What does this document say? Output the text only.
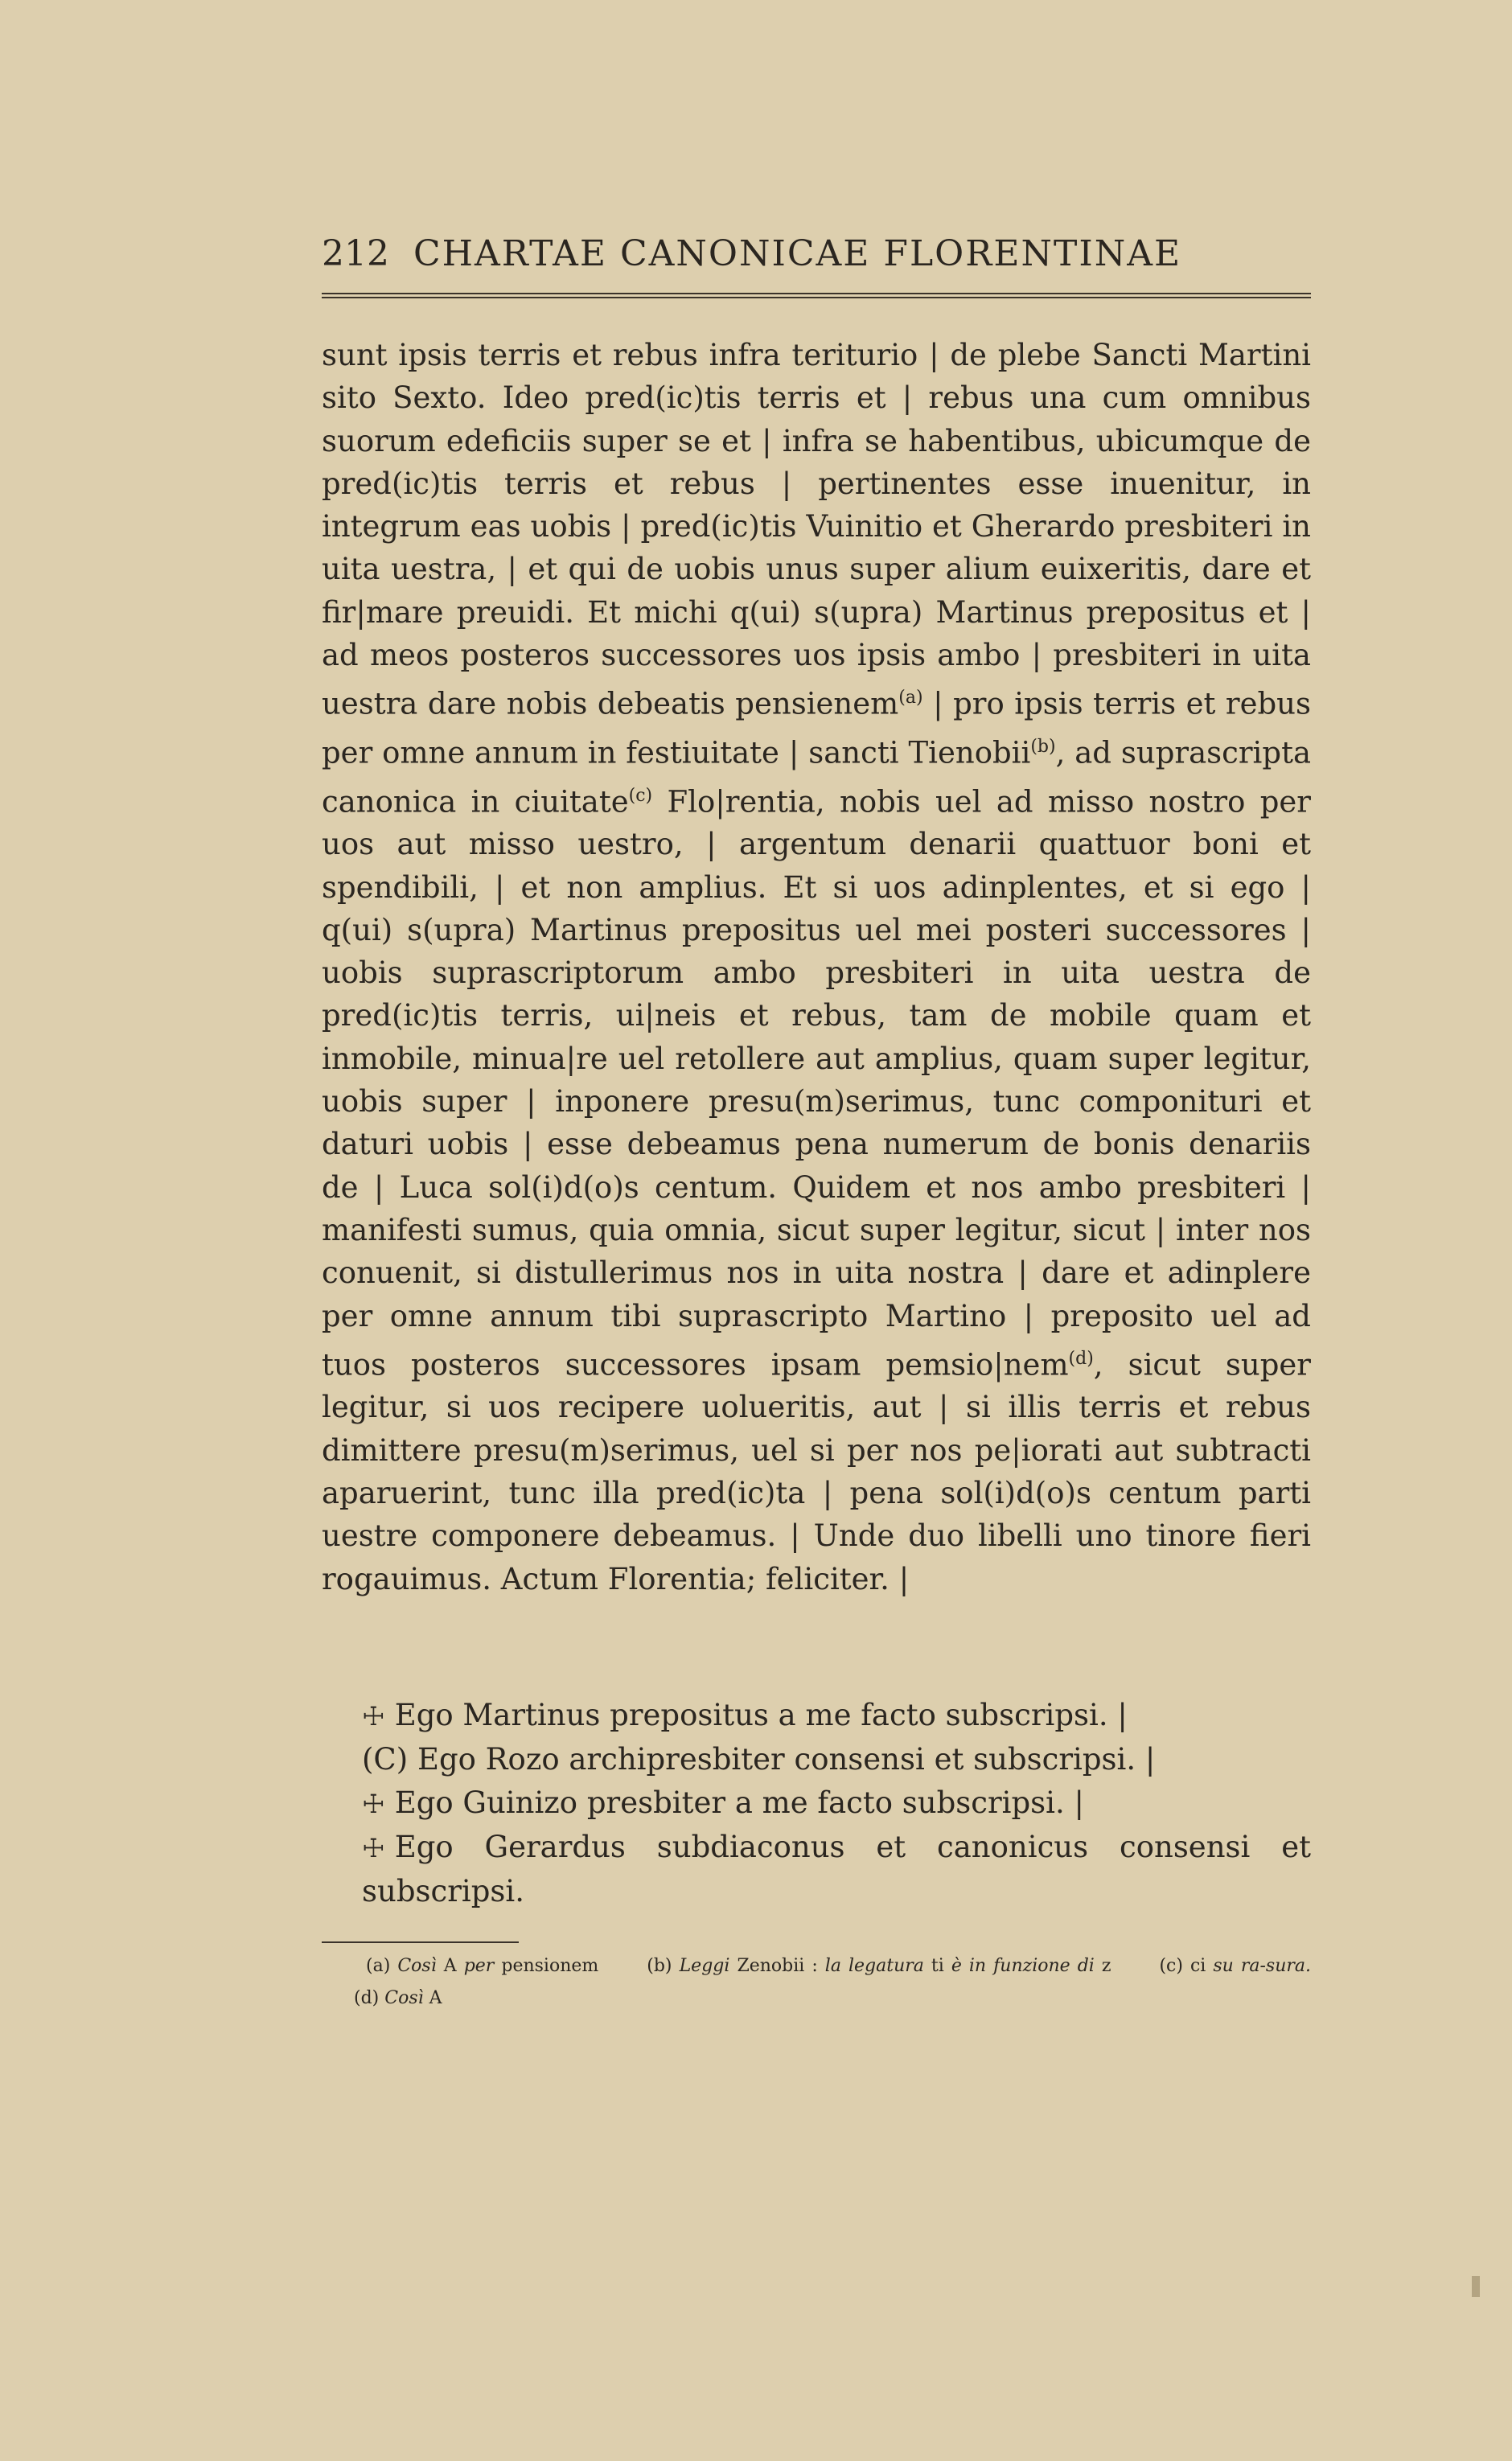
212 CHARTAE CANONICAE FLORENTINAE

sunt ipsis terris et rebus infra teriturio | de plebe Sancti Martini sito Sexto. Ideo pred(ic)tis terris et | rebus una cum omnibus suorum edeficiis super se et | infra se habentibus, ubicumque de pred(ic)tis terris et rebus | pertinentes esse inuenitur, in integrum eas uobis | pred(ic)tis Vuinitio et Gherardo presbiteri in uita uestra, | et qui de uobis unus super alium euixeritis, dare et fir|mare preuidi. Et michi q(ui) s(upra) Martinus prepositus et | ad meos posteros successores uos ipsis ambo | presbiteri in uita uestra dare nobis debeatis pensienem$^{(a)}$ | pro ipsis terris et rebus per omne annum in festiuitate | sancti Tienobii$^{(b)}$, ad suprascripta canonica in ciuitate$^{(c)}$ Flo|rentia, nobis uel ad misso nostro per uos aut misso uestro, | argentum denarii quattuor boni et spendibili, | et non amplius. Et si uos adinplentes, et si ego | q(ui) s(upra) Martinus prepositus uel mei posteri successores | uobis suprascriptorum ambo presbiteri in uita uestra de pred(ic)tis terris, ui|neis et rebus, tam de mobile quam et inmobile, minua|re uel retollere aut amplius, quam super legitur, uobis super | inponere presu(m)serimus, tunc componituri et daturi uobis | esse debeamus pena numerum de bonis denariis de | Luca sol(i)d(o)s centum. Quidem et nos ambo presbiteri | manifesti sumus, quia omnia, sicut super legitur, sicut | inter nos conuenit, si distullerimus nos in uita nostra | dare et adinplere per omne annum tibi suprascripto Martino | preposito uel ad tuos posteros successores ipsam pemsio|nem$^{(d)}$, sicut super legitur, si uos recipere uolueritis, aut | si illis terris et rebus dimittere presu(m)serimus, uel si per nos pe|iorati aut subtracti aparuerint, tunc illa pred(ic)ta | pena sol(i)d(o)s centum parti uestre componere debeamus. | Unde duo libelli uno tinore fieri rogauimus. Actum Florentia; feliciter. |

☩ Ego Martinus prepositus a me facto subscripsi. |

(C) Ego Rozo archipresbiter consensi et subscripsi. |

☩ Ego Guinizo presbiter a me facto subscripsi. |

☩ Ego Gerardus subdiaconus et canonicus consensi et subscripsi.

(a) Così A per pensionem	(b) Leggi Zenobii : la legatura ti è in funzione di z	(c) ci su ra-sura. (d) Così A
